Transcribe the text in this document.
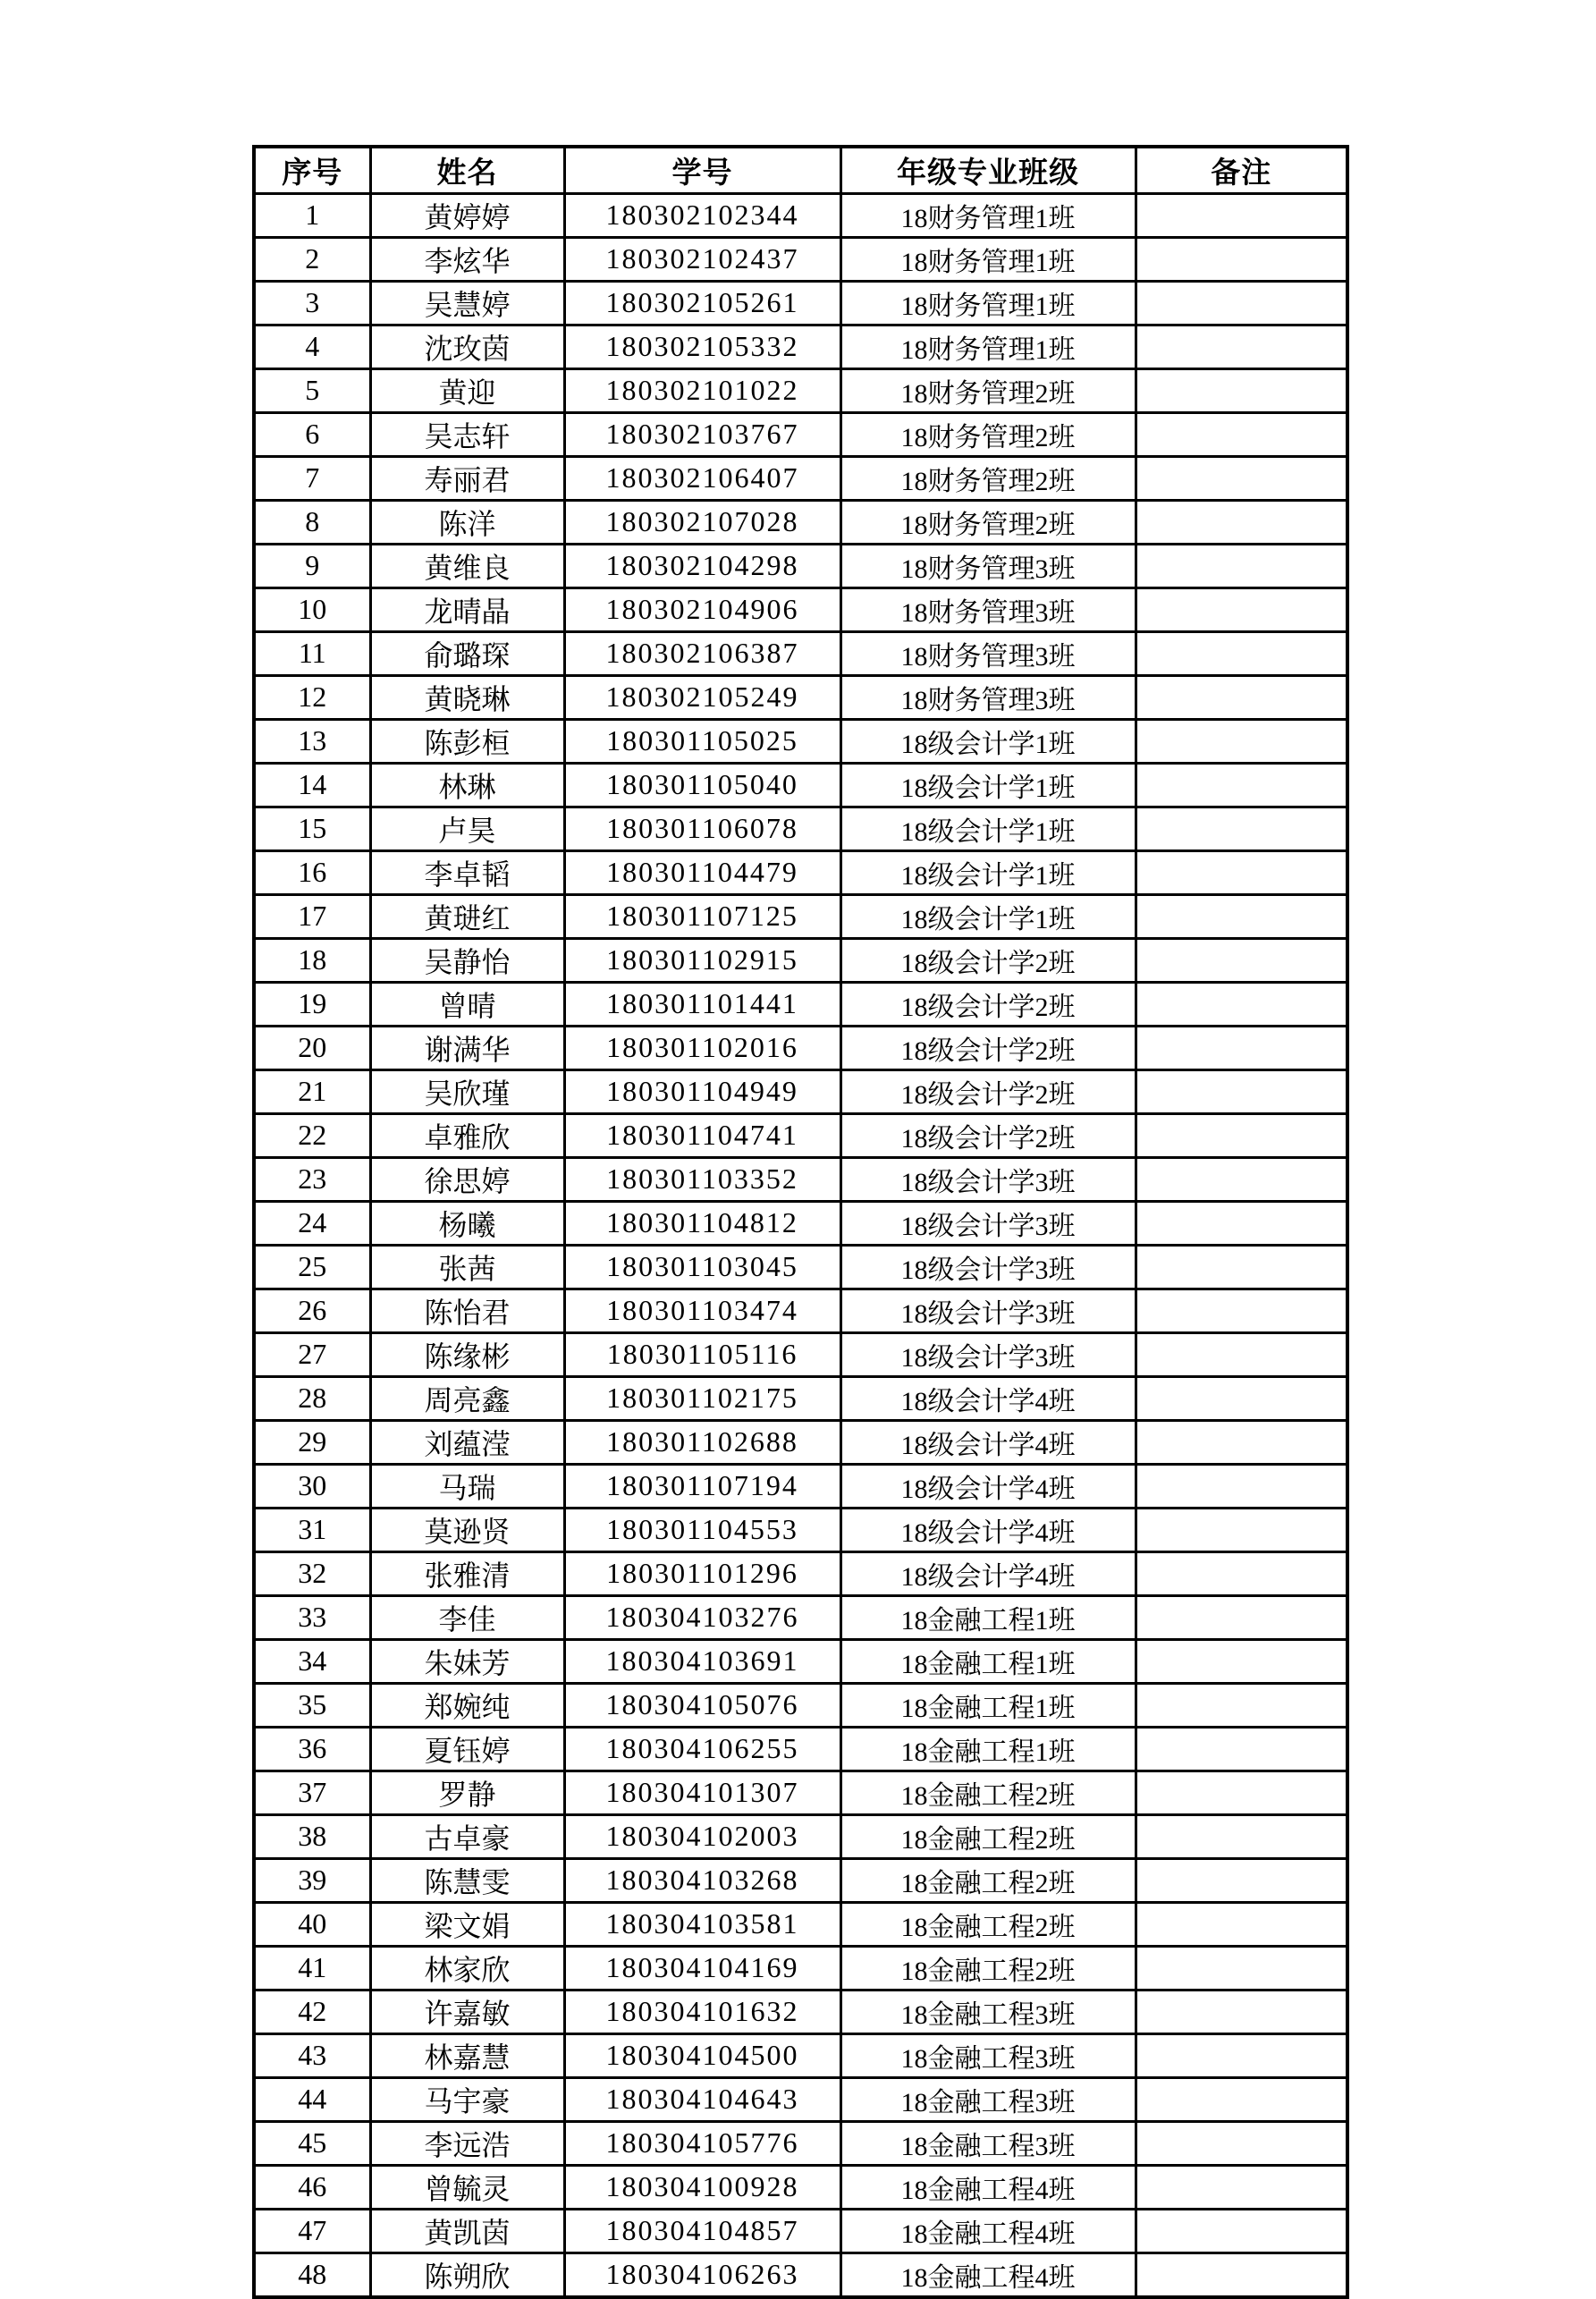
序号	姓名	学号	年级专业班级	备注
1	黄婷婷	180302102344	18财务管理1班	
2	李炫华	180302102437	18财务管理1班	
3	吴慧婷	180302105261	18财务管理1班	
4	沈玫茵	180302105332	18财务管理1班	
5	黄迎	180302101022	18财务管理2班	
6	吴志轩	180302103767	18财务管理2班	
7	寿丽君	180302106407	18财务管理2班	
8	陈洋	180302107028	18财务管理2班	
9	黄维良	180302104298	18财务管理3班	
10	龙晴晶	180302104906	18财务管理3班	
11	俞璐琛	180302106387	18财务管理3班	
12	黄晓琳	180302105249	18财务管理3班	
13	陈彭桓	180301105025	18级会计学1班	
14	林琳	180301105040	18级会计学1班	
15	卢昊	180301106078	18级会计学1班	
16	李卓韬	180301104479	18级会计学1班	
17	黄琎红	180301107125	18级会计学1班	
18	吴静怡	180301102915	18级会计学2班	
19	曾晴	180301101441	18级会计学2班	
20	谢满华	180301102016	18级会计学2班	
21	吴欣瑾	180301104949	18级会计学2班	
22	卓雅欣	180301104741	18级会计学2班	
23	徐思婷	180301103352	18级会计学3班	
24	杨曦	180301104812	18级会计学3班	
25	张茜	180301103045	18级会计学3班	
26	陈怡君	180301103474	18级会计学3班	
27	陈缘彬	180301105116	18级会计学3班	
28	周亮鑫	180301102175	18级会计学4班	
29	刘蕴滢	180301102688	18级会计学4班	
30	马瑞	180301107194	18级会计学4班	
31	莫逊贤	180301104553	18级会计学4班	
32	张雅清	180301101296	18级会计学4班	
33	李佳	180304103276	18金融工程1班	
34	朱妹芳	180304103691	18金融工程1班	
35	郑婉纯	180304105076	18金融工程1班	
36	夏钰婷	180304106255	18金融工程1班	
37	罗静	180304101307	18金融工程2班	
38	古卓豪	180304102003	18金融工程2班	
39	陈慧雯	180304103268	18金融工程2班	
40	梁文娟	180304103581	18金融工程2班	
41	林家欣	180304104169	18金融工程2班	
42	许嘉敏	180304101632	18金融工程3班	
43	林嘉慧	180304104500	18金融工程3班	
44	马宇豪	180304104643	18金融工程3班	
45	李远浩	180304105776	18金融工程3班	
46	曾毓灵	180304100928	18金融工程4班	
47	黄凯茵	180304104857	18金融工程4班	
48	陈朔欣	180304106263	18金融工程4班	
